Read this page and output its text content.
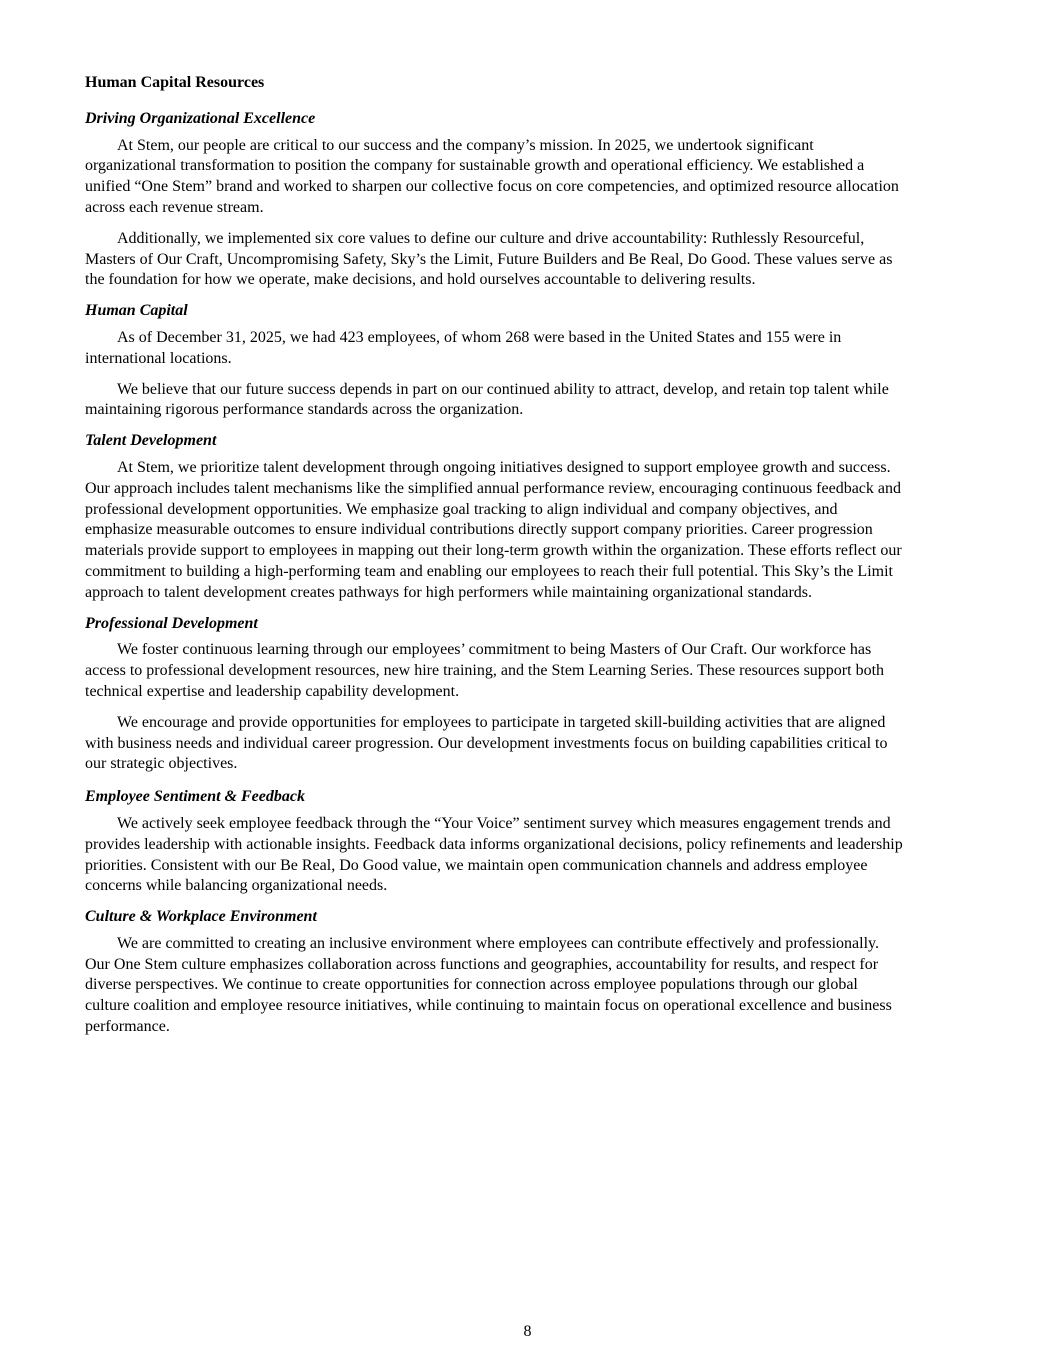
Human Capital Resources
Driving Organizational Excellence
At Stem, our people are critical to our success and the company’s mission. In 2025, we undertook significant
organizational transformation to position the company for sustainable growth and operational efficiency. We established a
unified “One Stem” brand and worked to sharpen our collective focus on core competencies, and optimized resource allocation
across each revenue stream.
Additionally, we implemented six core values to define our culture and drive accountability: Ruthlessly Resourceful,
Masters of Our Craft, Uncompromising Safety, Sky’s the Limit, Future Builders and Be Real, Do Good. These values serve as
the foundation for how we operate, make decisions, and hold ourselves accountable to delivering results.
Human Capital
As of December 31, 2025, we had 423 employees, of whom 268 were based in the United States and 155 were in
international locations.
We believe that our future success depends in part on our continued ability to attract, develop, and retain top talent while
maintaining rigorous performance standards across the organization.
Talent Development
At Stem, we prioritize talent development through ongoing initiatives designed to support employee growth and success.
Our approach includes talent mechanisms like the simplified annual performance review, encouraging continuous feedback and
professional development opportunities. We emphasize goal tracking to align individual and company objectives, and
emphasize measurable outcomes to ensure individual contributions directly support company priorities. Career progression
materials provide support to employees in mapping out their long-term growth within the organization. These efforts reflect our
commitment to building a high-performing team and enabling our employees to reach their full potential. This Sky’s the Limit
approach to talent development creates pathways for high performers while maintaining organizational standards.
Professional Development
We foster continuous learning through our employees’ commitment to being Masters of Our Craft. Our workforce has
access to professional development resources, new hire training, and the Stem Learning Series. These resources support both
technical expertise and leadership capability development.
We encourage and provide opportunities for employees to participate in targeted skill-building activities that are aligned
with business needs and individual career progression. Our development investments focus on building capabilities critical to
our strategic objectives.
Employee Sentiment & Feedback
We actively seek employee feedback through the “Your Voice” sentiment survey which measures engagement trends and
provides leadership with actionable insights. Feedback data informs organizational decisions, policy refinements and leadership
priorities. Consistent with our Be Real, Do Good value, we maintain open communication channels and address employee
concerns while balancing organizational needs.
Culture & Workplace Environment
We are committed to creating an inclusive environment where employees can contribute effectively and professionally.
Our One Stem culture emphasizes collaboration across functions and geographies, accountability for results, and respect for
diverse perspectives. We continue to create opportunities for connection across employee populations through our global
culture coalition and employee resource initiatives, while continuing to maintain focus on operational excellence and business
performance.
8
